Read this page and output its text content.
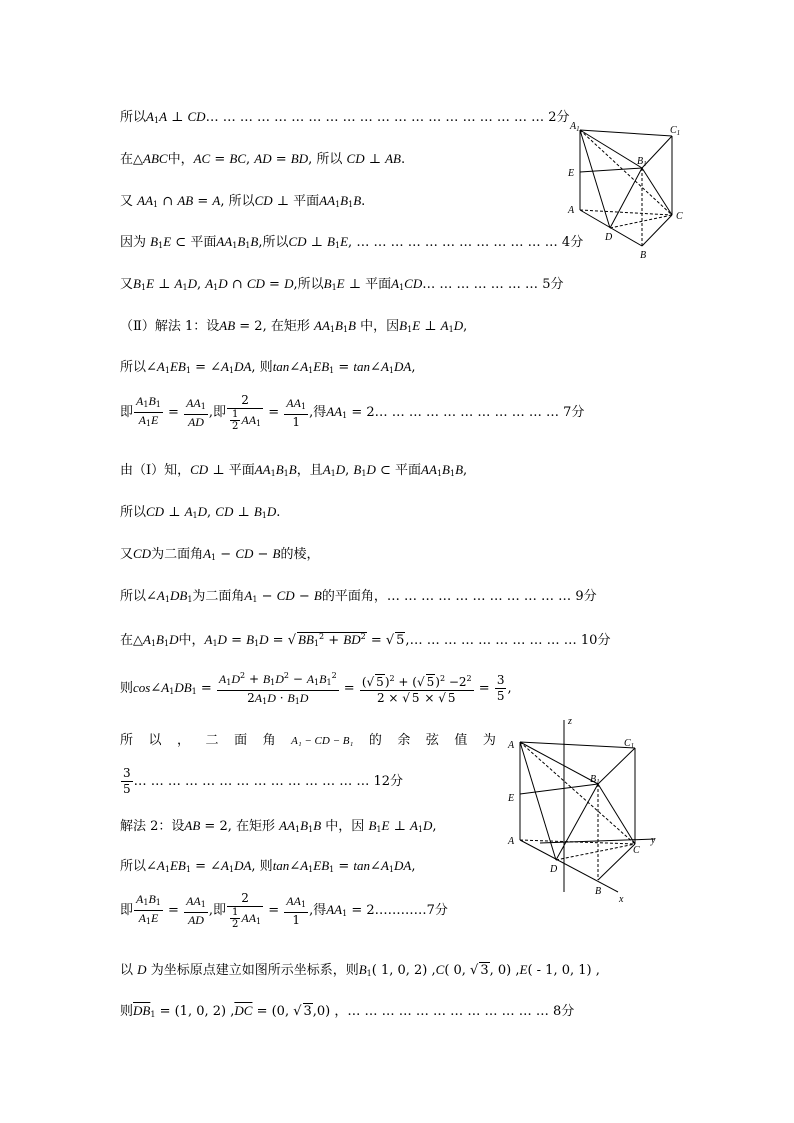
$A_1$	$C_1$
E
$B_1$
A
C
D
B
z
A	$C_1$
E
$B_1$
A
C
y
D
B
x
所以$A_1A$ ⊥ CD… … … … … … … … … … … … … … … … … … … … 2分
在△ABC中，AC = BC, AD = BD, 所以 CD ⊥ AB.
又 $AA_1$ ∩ AB = A, 所以CD ⊥ 平面$AA_1B_1B$.
因为 $B_1E$ ⊂ 平面$AA_1B_1B$,所以CD ⊥ $B_1E$, … … … … … … … … … … … … 4分
又$B_1E$ ⊥ $A_1D$, $A_1D$ ∩ CD = D,所以$B_1E$ ⊥ 平面$A_1CD\dots$ … … … … … … 5分
（Ⅱ）解法 1：设AB = 2, 在矩形 $AA_1B_1B$ 中，因$B_1E$ ⊥ $A_1D$,
所以$\angle A_1EB_1$ = $\angle A_1DA$, 则$\tan\angle A_1EB_1$ = $\tan\angle A_1DA$,
即 $\frac{A_1B_1}{A_1E} = \frac{AA_1}{AD}$ ,即 $\frac{2}{\frac{1}{2} AA_1} = \frac{AA_1}{1}$ ,得$AA_1$ = 2… … … … … … … … … … … 7分
由（Ⅰ）知，CD ⊥ 平面$AA_1B_1B$，且$A_1D$, $B_1D$ ⊂ 平面$AA_1B_1B$,
所以CD ⊥ $A_1D$, CD ⊥ $B_1D$.
又CD为二面角$A_1$ − CD − B的棱，
所以$\angle A_1DB_1$为二面角$A_1$ − CD − B的平面角，… … … … … … … … … … … 9分
在$\triangle A_1B_1D$中，$A_1D = B_1D$ = √ $BB_1^2 + BD^2$ = √ 5,… … … … … … … … … … 10分
则$\cos\angle A_1DB_1 = \frac{A_1D^2 + B_1D^2 - A_1B_1^2}{2A_1D \cdot B_1D} = \frac{(√ 5)^2 + (√ 5)^2 -2^2}{2 \times √ 5 \times √ 5} = \frac{3}{5}$ ,
所 以 ， 二 面 角 A₁ − CD − B₁ 的 余 弦 值 为
$\frac{3}{5}$ … … … … … … … … … … … … … … 12分
解法 2：设AB = 2, 在矩形 $AA_1B_1B$ 中，因 $B_1E$ ⊥ $A_1D$,
所以$\angle A_1EB_1$ = $\angle A_1DA$, 则$\tan\angle A_1EB_1$ = $\tan\angle A_1DA$,
即 $\frac{A_1B_1}{A_1E} = \frac{AA_1}{AD}$ ,即 $\frac{2}{\frac{1}{2} AA_1} = \frac{AA_1}{1}$ ,得$AA_1$ = 2…………7分
以 D 为坐标原点建立如图所示坐标系，则$B_1$( 1, 0, 2) ,C( 0, √ 3, 0) ,E( - 1, 0, 1) ,
则$\overline{DB}_1 = (1$, 0, 2) $,\overline{DC} = (0$, √ 3,0) ，… … … … … … … … … … … … 8分
